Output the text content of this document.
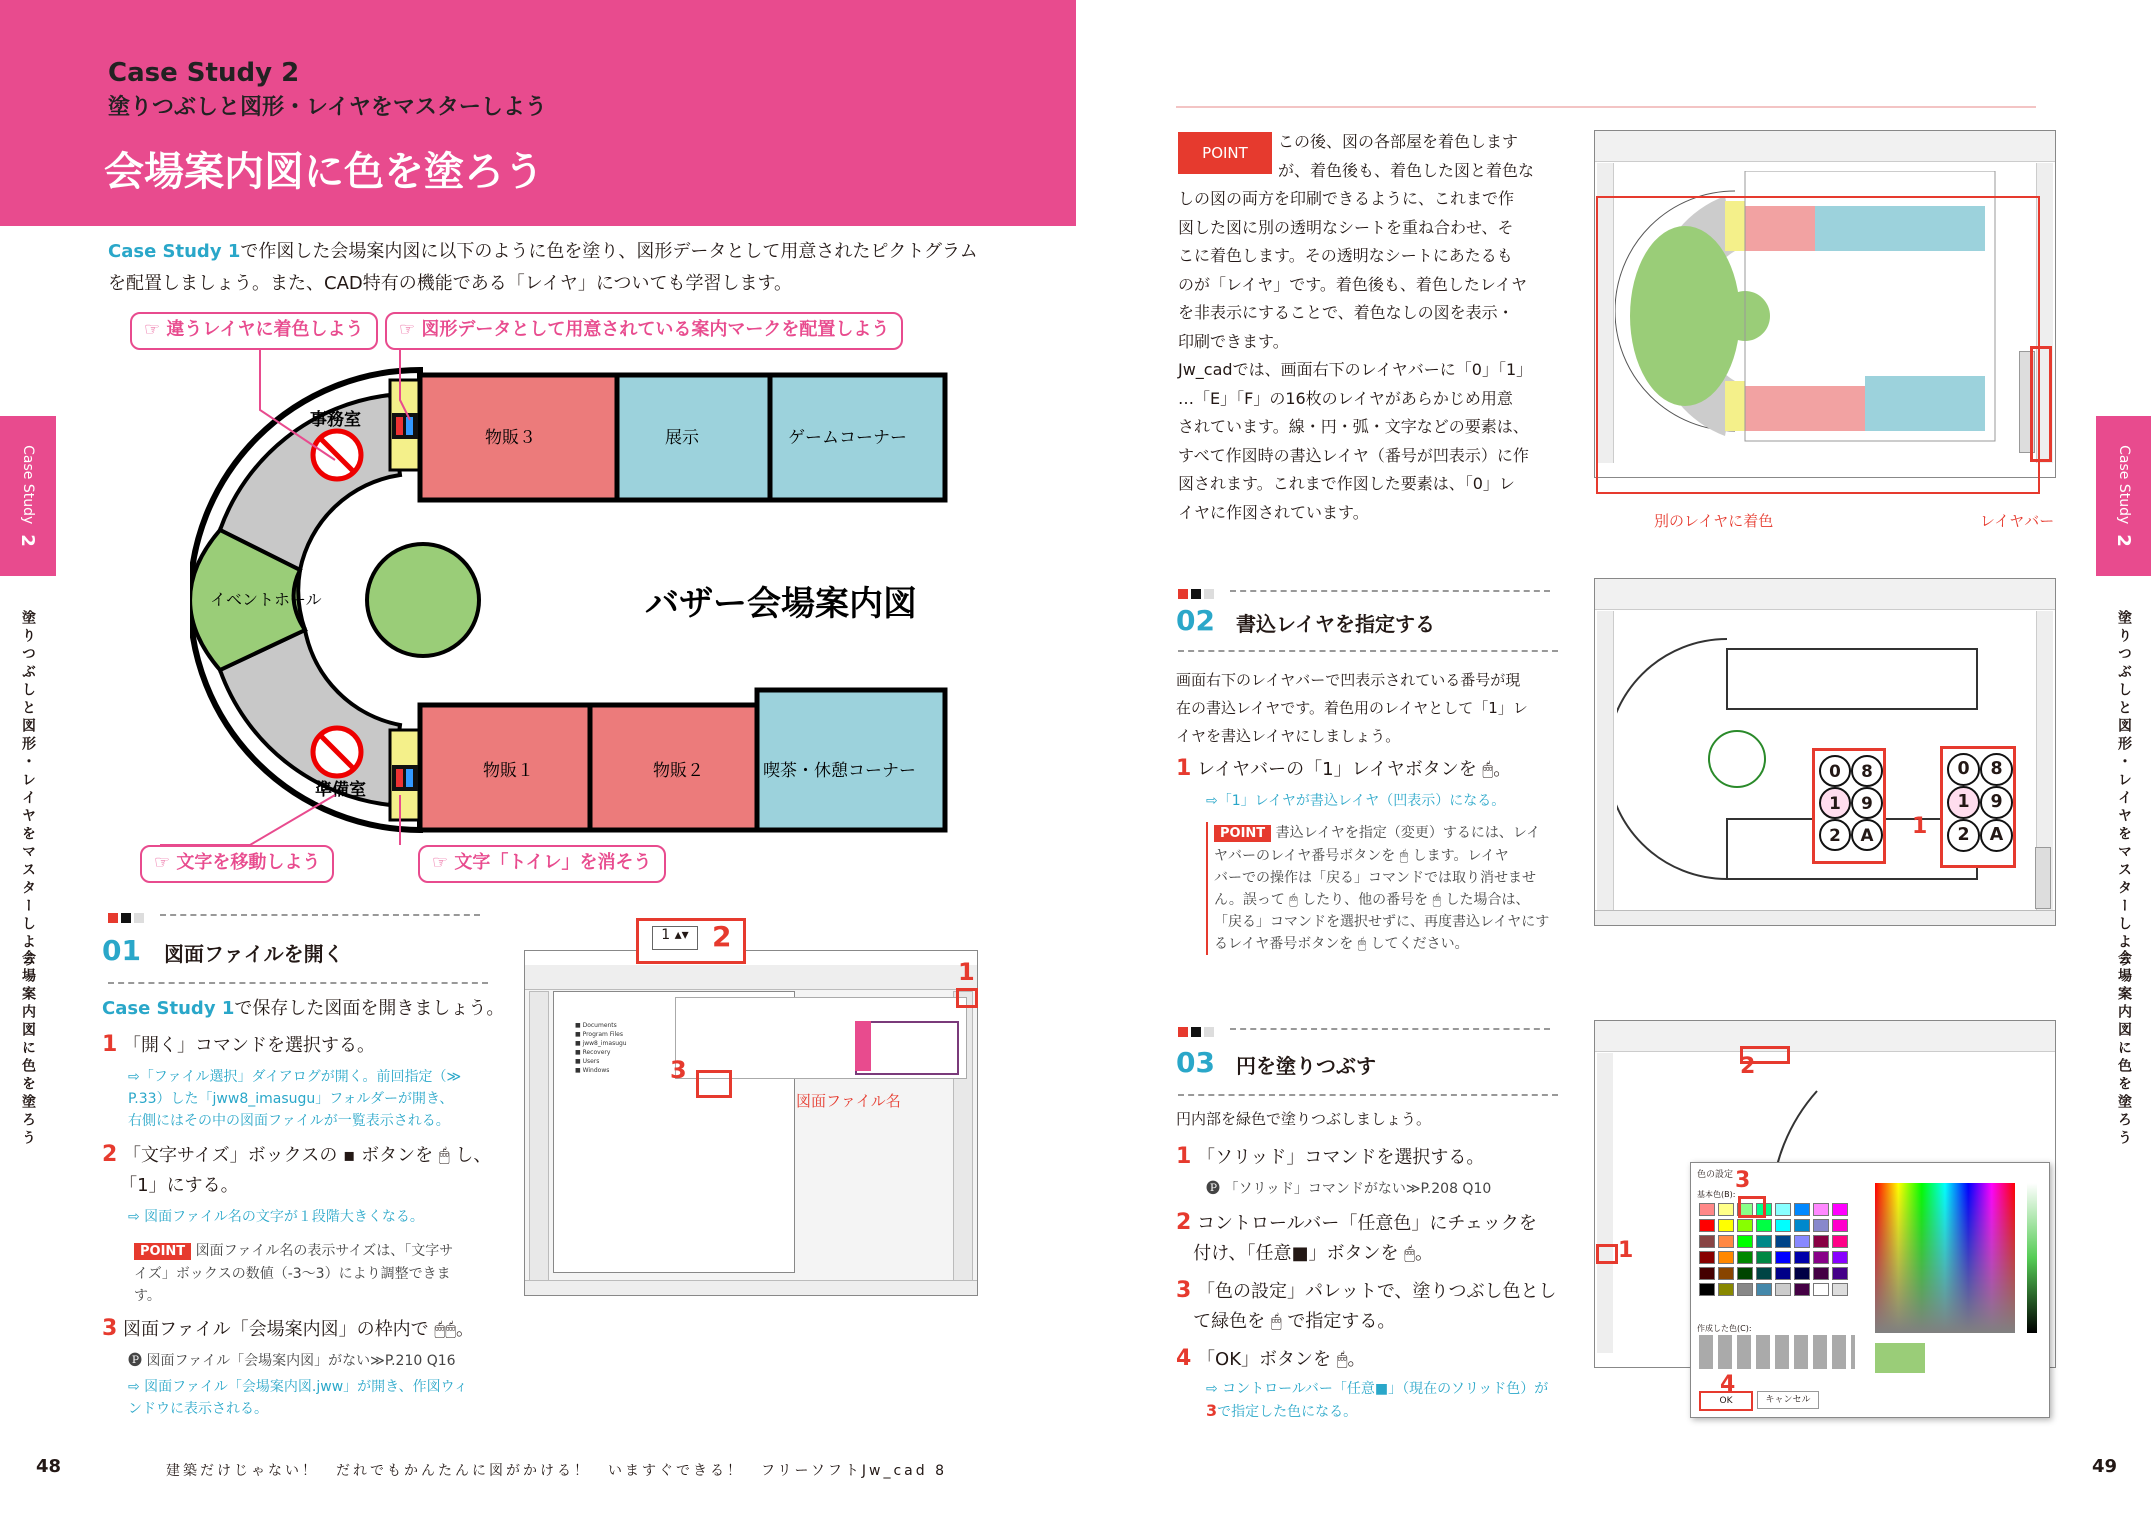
Case Study 2
塗りつぶしと図形・レイヤをマスターしよう
会場案内図に色を塗ろう
Case Study 1で作図した会場案内図に以下のように色を塗り、図形データとして用意されたピクトグラム
を配置しましょう。また、CAD特有の機能である「レイヤ」についても学習します。
☞ 違うレイヤに着色しよう	☞ 図形データとして用意されている案内マークを配置しよう
☞ 文字を移動しよう	☞ 文字「トイレ」を消そう
事務室
準備室
イベントホール
物販３	展示	ゲームコーナー
物販１	物販２	喫茶・休憩コーナー
バザー会場案内図
Case Study
2
塗りつぶしと図形・レイヤをマスターしよう
会場案内図に色を塗ろう 01 図面ファイルを開く
Case Study 1で保存した図面を開きましょう。
1 「開く」コマンドを選択する。
⇨「ファイル選択」ダイアログが開く。前回指定（≫
P.33）した「jww8_imasugu」フォルダーが開き、
右側にはその中の図面ファイルが一覧表示される。
2 「文字サイズ」ボックスの ▪ ボタンを 🖱 し、
「1」にする。
⇨ 図面ファイル名の文字が１段階大きくなる。
POINT 図面ファイル名の表示サイズは、「文字サ
イズ」ボックスの数値（-3～3）により調整できま
す。
3 図面ファイル「会場案内図」の枠内で 🖱🖱。
🅟 図面ファイル「会場案内図」がない≫P.210 Q16
⇨ 図面ファイル「会場案内図.jww」が開き、作図ウィ
ンドウに表示される。
■ Documents
■ Program Files
■ jww8_imasugu
■ Recovery
■ Users
■ Windows
1 ▴▾ 2
1
3
図面ファイル名
48	建築だけじゃない！　だれでもかんたんに図がかける！　いますぐできる！　フリーソフトJw_cad 8
POINT
この後、図の各部屋を着色します
が、着色後も、着色した図と着色な
しの図の両方を印刷できるように、これまで作
図した図に別の透明なシートを重ね合わせ、そ
こに着色します。その透明なシートにあたるも
のが「レイヤ」です。着色後も、着色したレイヤ
を非表示にすることで、着色なしの図を表示・
印刷できます。
Jw_cadでは、画面右下のレイヤバーに「0」「1」
…「E」「F」の16枚のレイヤがあらかじめ用意
されています。線・円・弧・文字などの要素は、
すべて作図時の書込レイヤ（番号が凹表示）に作
図されます。これまで作図した要素は、「0」レ
イヤに作図されています。	別のレイヤに着色	レイヤバー
02 書込レイヤを指定する
画面右下のレイヤバーで凹表示されている番号が現
在の書込レイヤです。着色用のレイヤとして「1」レ
イヤを書込レイヤにしましょう。
1 レイヤバーの「1」レイヤボタンを 🖱。
⇨「1」レイヤが書込レイヤ（凹表示）になる。
POINT 書込レイヤを指定（変更）するには、レイ
ヤバーのレイヤ番号ボタンを 🖱 します。レイヤ
バーでの操作は「戻る」コマンドでは取り消せませ
ん。誤って 🖱 したり、他の番号を 🖱 した場合は、
「戻る」コマンドを選択せずに、再度書込レイヤにす
るレイヤ番号ボタンを 🖱 してください。
0	8
1	9
2	A
0	8
1	9
2	A
1
03 円を塗りつぶす
円内部を緑色で塗りつぶしましょう。
1 「ソリッド」コマンドを選択する。
🅟 「ソリッド」コマンドがない≫P.208 Q10
2 コントロールバー「任意色」にチェックを
付け、「任意■」ボタンを 🖱。
3 「色の設定」パレットで、塗りつぶし色とし
て緑色を 🖱 で指定する。
4 「OK」ボタンを 🖱。
⇨ コントロールバー「任意■」（現在のソリッド色）が
3で指定した色になる。
色の設定
基本色(B):
作成した色(C):
OK	キャンセル
3
1
2
4
Case Study
2
塗りつぶしと図形・レイヤをマスターしよう
会場案内図に色を塗ろう
49
